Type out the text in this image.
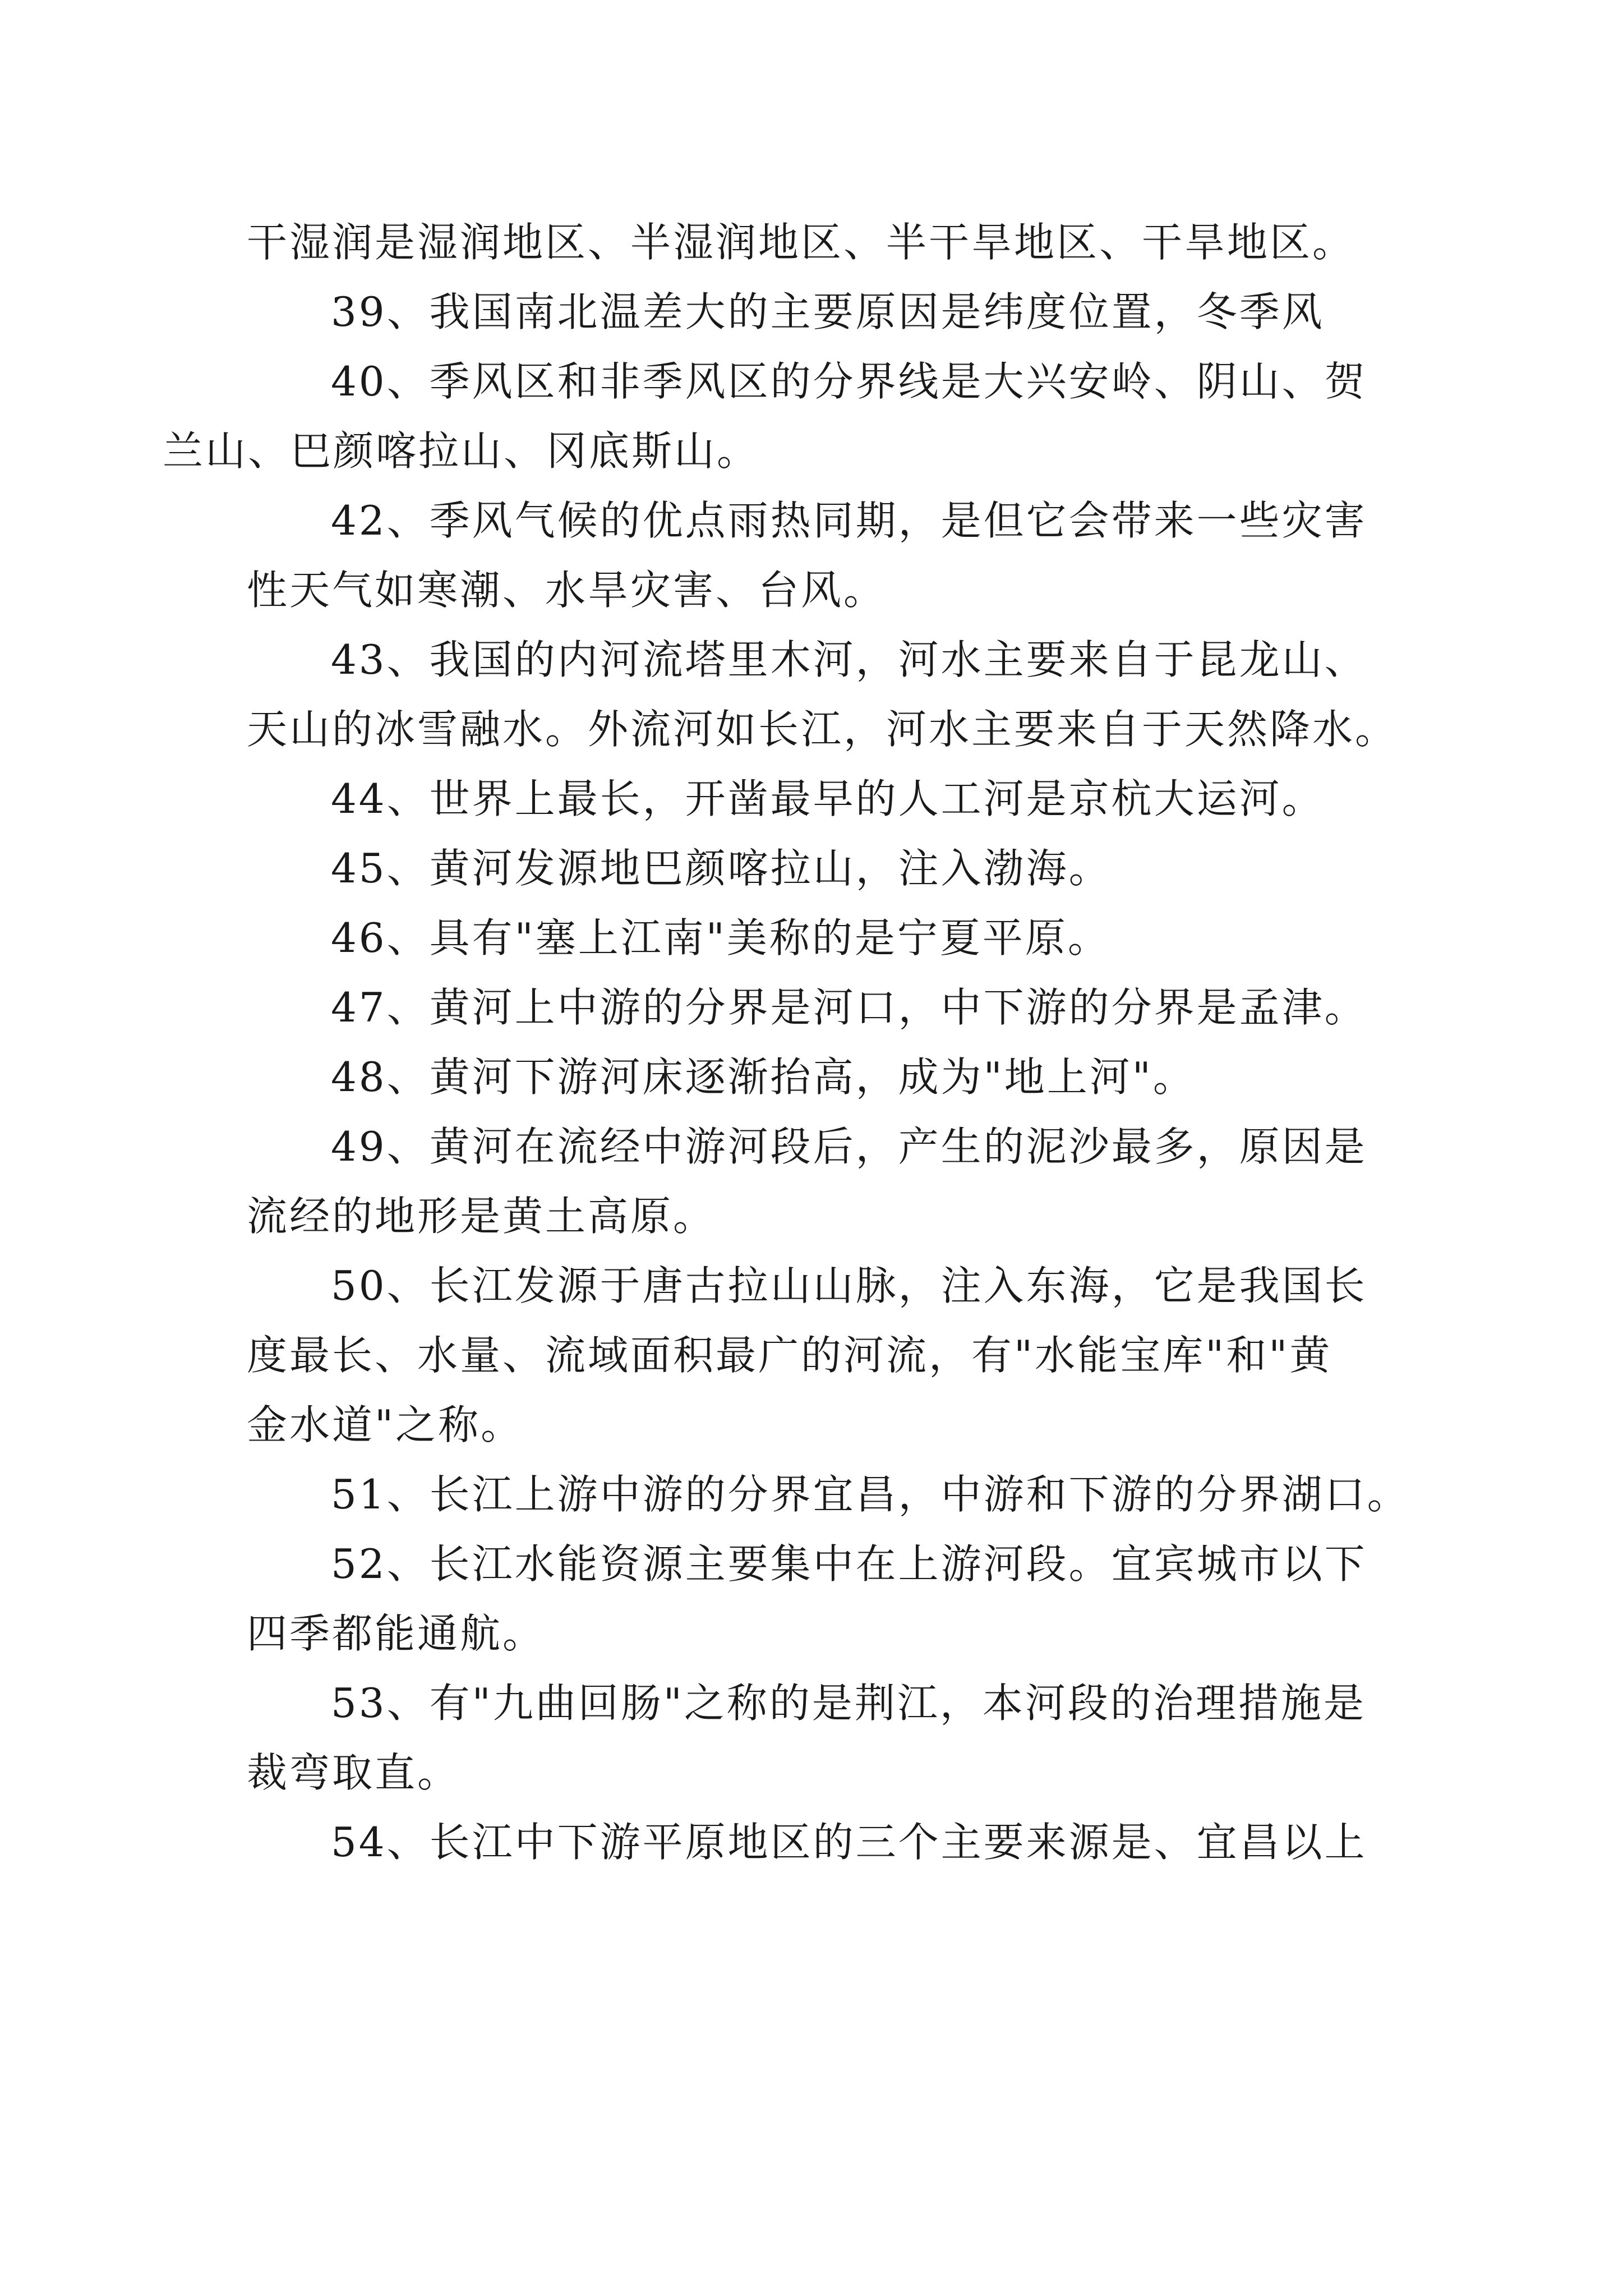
干湿润是湿润地区、半湿润地区、半干旱地区、干旱地区。

39、我国南北温差大的主要原因是纬度位置，冬季风

40、季风区和非季风区的分界线是大兴安岭、阴山、贺
兰山、巴颜喀拉山、冈底斯山。

42、季风气候的优点雨热同期，是但它会带来一些灾害
性天气如寒潮、水旱灾害、台风。

43、我国的内河流塔里木河，河水主要来自于昆龙山、
天山的冰雪融水。外流河如长江，河水主要来自于天然降水。

44、世界上最长，开凿最早的人工河是京杭大运河。

45、黄河发源地巴颜喀拉山，注入渤海。

46、具有"塞上江南"美称的是宁夏平原。

47、黄河上中游的分界是河口，中下游的分界是孟津。

48、黄河下游河床逐渐抬高，成为"地上河"。

49、黄河在流经中游河段后，产生的泥沙最多，原因是
流经的地形是黄土高原。

50、长江发源于唐古拉山山脉，注入东海，它是我国长
度最长、水量、流域面积最广的河流，有"水能宝库"和"黄
金水道"之称。

51、长江上游中游的分界宜昌，中游和下游的分界湖口。

52、长江水能资源主要集中在上游河段。宜宾城市以下
四季都能通航。

53、有"九曲回肠"之称的是荆江，本河段的治理措施是
裁弯取直。

54、长江中下游平原地区的三个主要来源是、宜昌以上
